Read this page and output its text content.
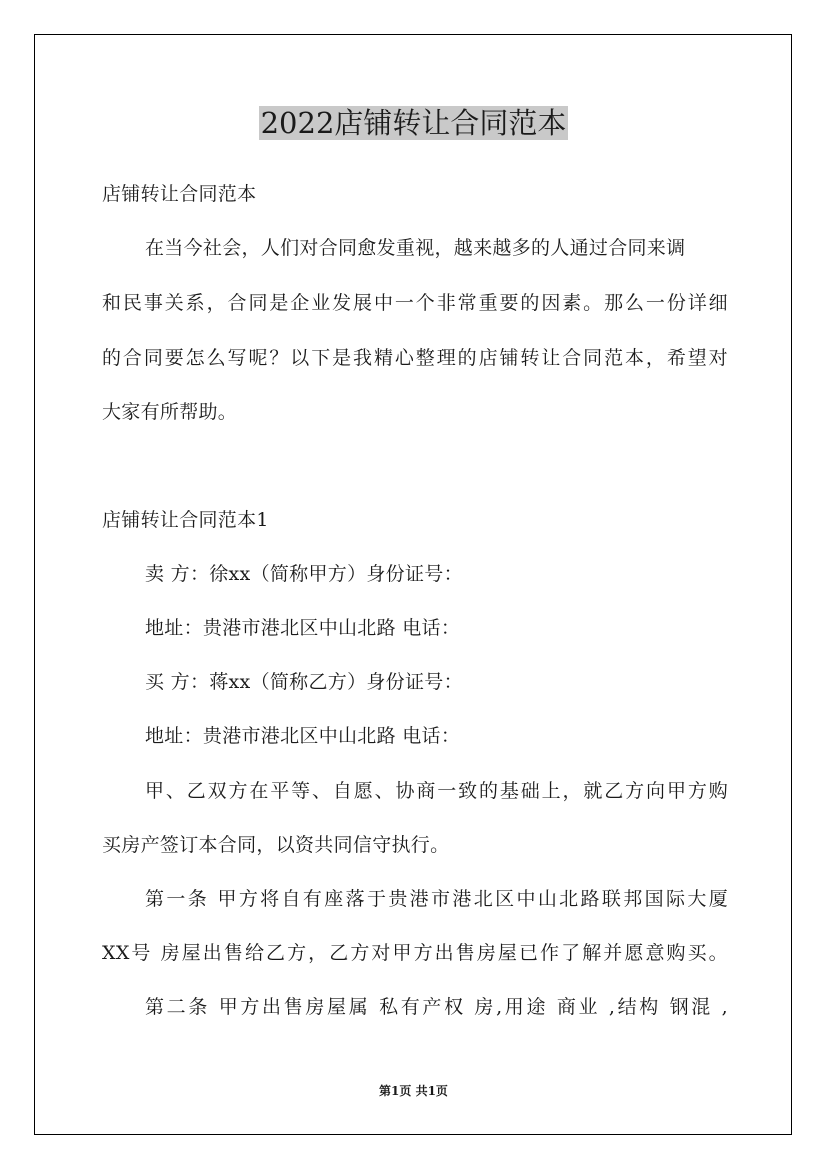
2022店铺转让合同范本
店铺转让合同范本
在当今社会，人们对合同愈发重视，越来越多的人通过合同来调
和民事关系，合同是企业发展中一个非常重要的因素。那么一份详细
的合同要怎么写呢？以下是我精心整理的店铺转让合同范本，希望对
大家有所帮助。
店铺转让合同范本1
卖 方：徐xx（简称甲方）身份证号：
地址：贵港市港北区中山北路 电话：
买 方：蒋xx（简称乙方）身份证号：
地址：贵港市港北区中山北路 电话：
甲、乙双方在平等、自愿、协商一致的基础上，就乙方向甲方购
买房产签订本合同，以资共同信守执行。
第一条 甲方将自有座落于贵港市港北区中山北路联邦国际大厦
XX号 房屋出售给乙方，乙方对甲方出售房屋已作了解并愿意购买。
第二条 甲方出售房屋属 私有产权 房,用途 商业 ,结构 钢混 ,
第1页 共1页
